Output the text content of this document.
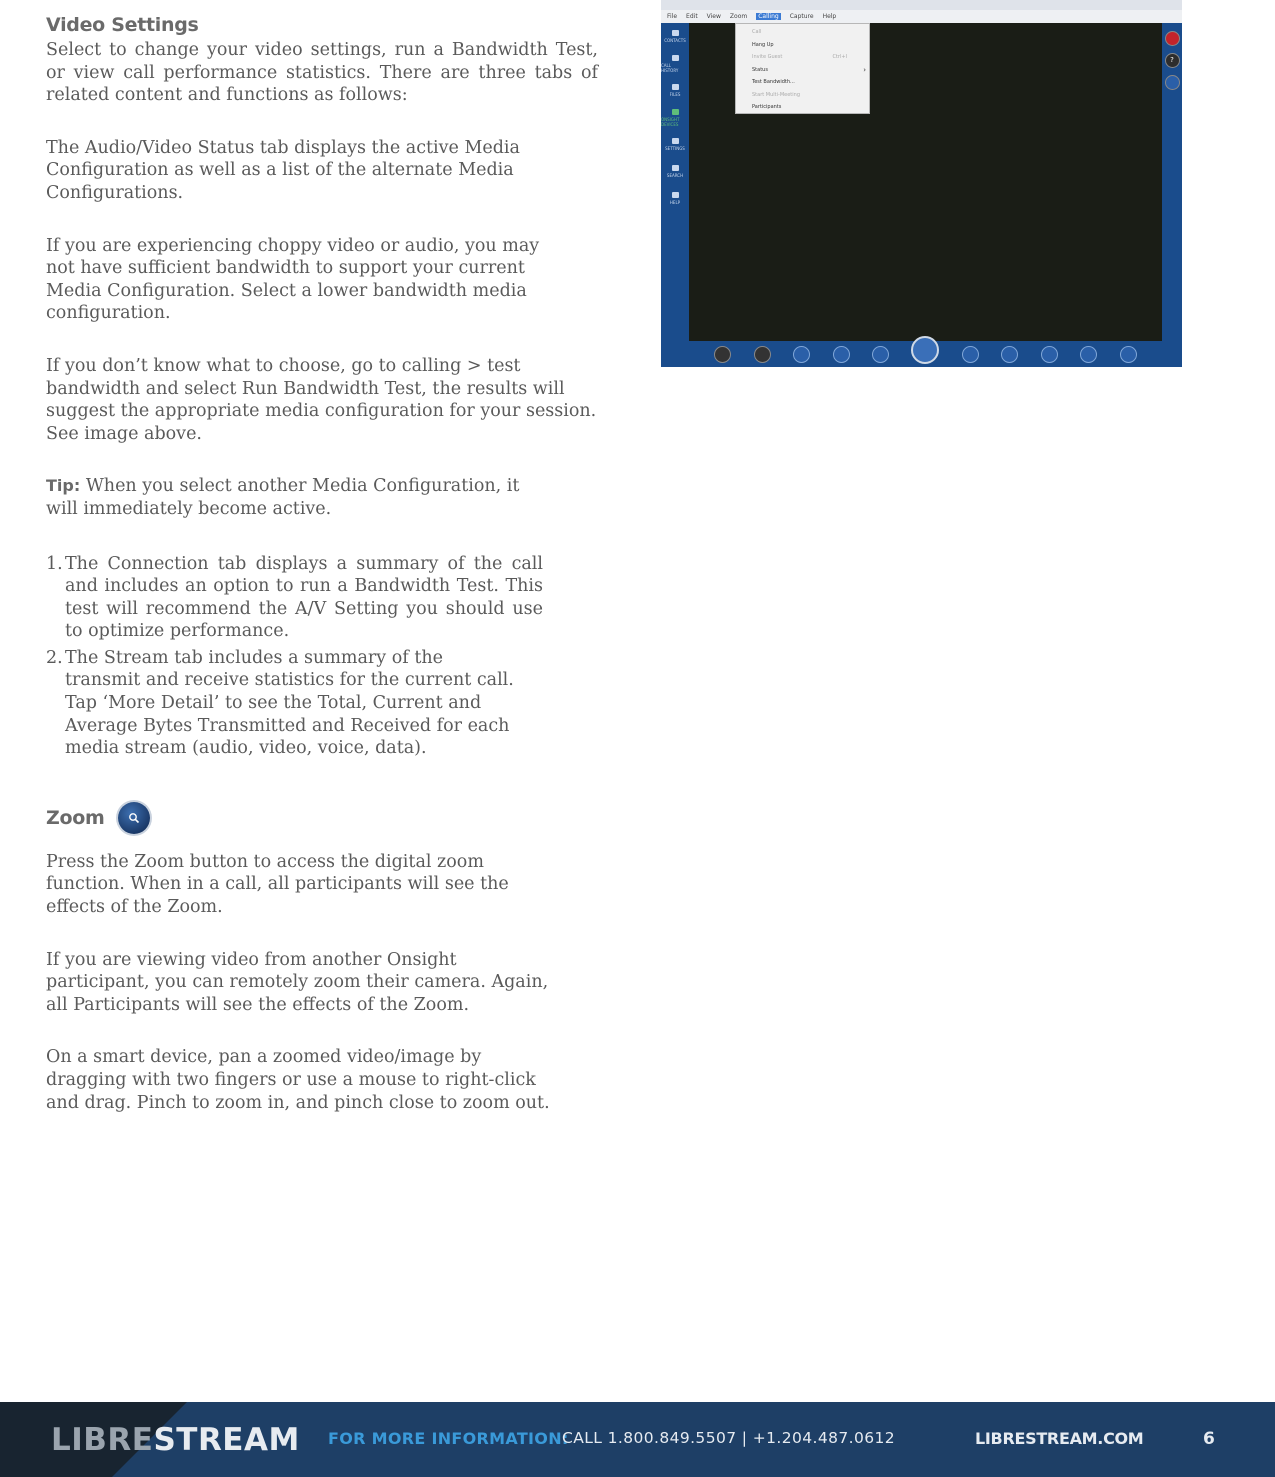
Video Settings

Select to change your video settings, run a Bandwidth Test, or view call performance statistics. There are three tabs of related content and functions as follows:

The Audio/Video Status tab displays the active Media Configuration as well as a list of the alternate Media Configurations.

If you are experiencing choppy video or audio, you may not have sufficient bandwidth to support your current Media Configuration. Select a lower bandwidth media configuration.

If you don’t know what to choose, go to calling > test bandwidth and select Run Bandwidth Test, the results will suggest the appropriate media configuration for your session. See image above.

Tip: When you select another Media Configuration, it will immediately become active.

1. The Connection tab displays a summary of the call and includes an option to run a Bandwidth Test. This test will recommend the A/V Setting you should use to optimize performance.
2. The Stream tab includes a summary of the transmit and receive statistics for the current call. Tap ‘More Detail’ to see the Total, Current and Average Bytes Transmitted and Received for each media stream (audio, video, voice, data).
Zoom

Press the Zoom button to access the digital zoom function. When in a call, all participants will see the effects of the Zoom.

If you are viewing video from another Onsight participant, you can remotely zoom their camera. Again, all Participants will see the effects of the Zoom.

On a smart device, pan a zoomed video/image by dragging with two fingers or use a mouse to right-click and drag. Pinch to zoom in, and pinch close to zoom out.

File Edit View Zoom	Calling	Capture Help
CONTACTS
CALL HISTORY
FILES
ONSIGHT DEVICES
SETTINGS
SEARCH
HELP
Call
Hang Up
Invite Guest	Ctrl+I
Status	›
Test Bandwidth...
Start Multi-Meeting
Participants
?
LIBRESTREAM FOR MORE INFORMATION:
CALL 1.800.849.5507 | +1.204.487.0612	LIBRESTREAM.COM	6
